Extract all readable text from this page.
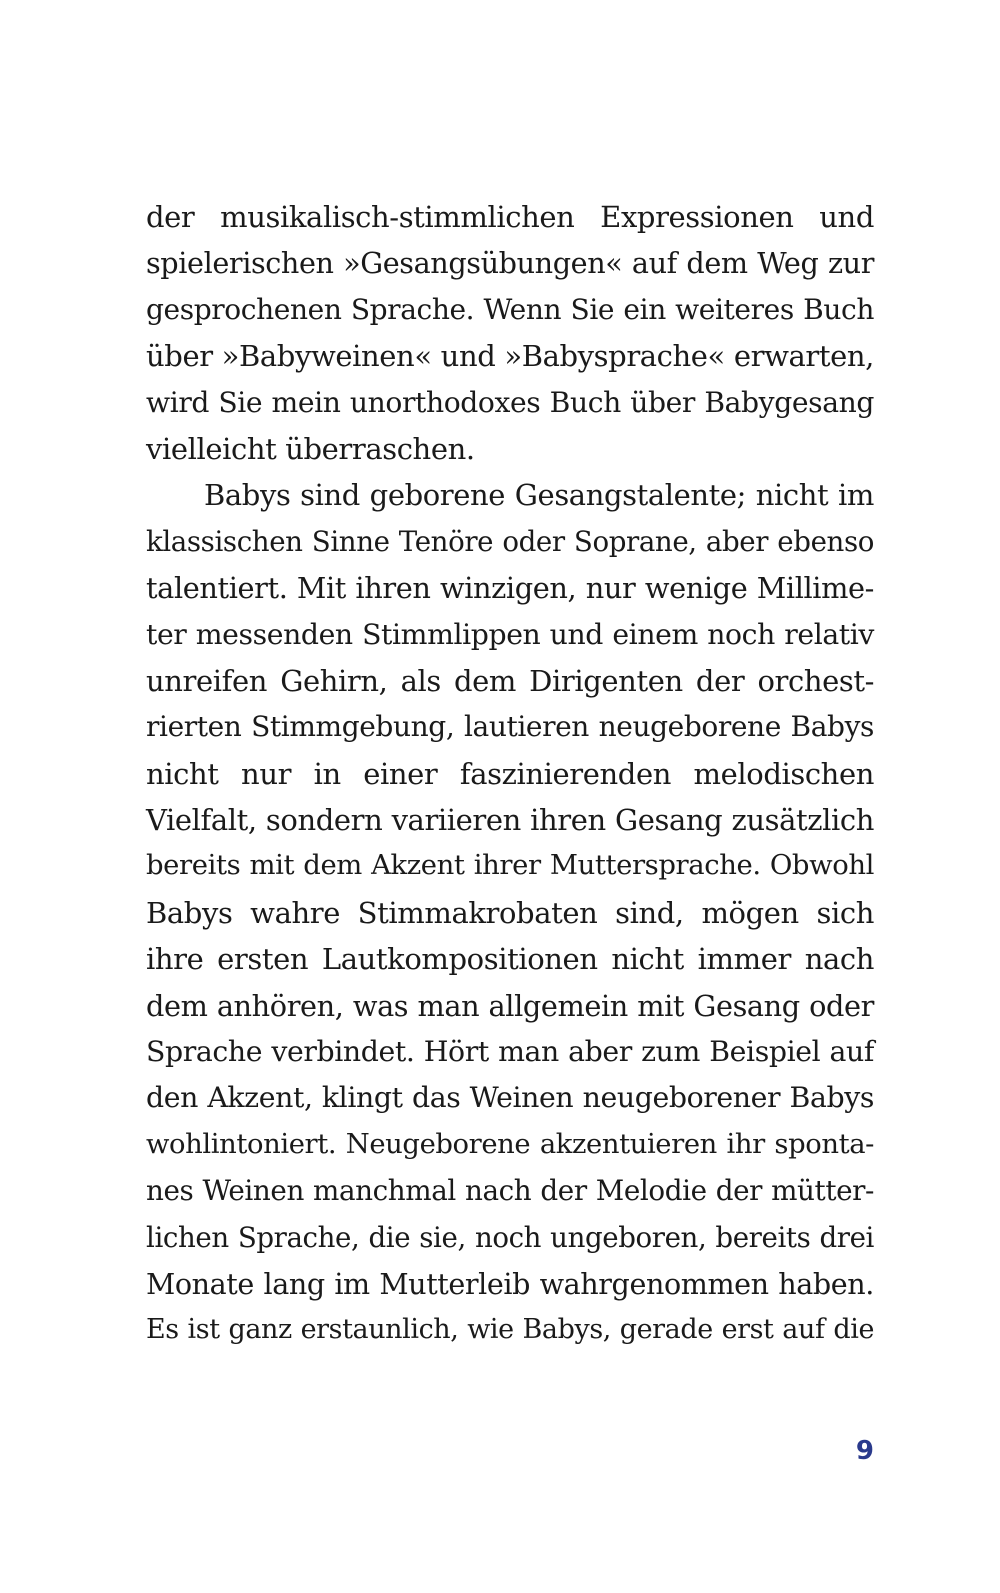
der musikalisch-stimmlichen Expressionen und
spielerischen »Gesangsübungen« auf dem Weg zur
gesprochenen Sprache. Wenn Sie ein weiteres Buch
über »Babyweinen« und »Babysprache« erwarten,
wird Sie mein unorthodoxes Buch über Babygesang
vielleicht überraschen.
Babys sind geborene Gesangstalente; nicht im
klassischen Sinne Tenöre oder Soprane, aber ebenso
talentiert. Mit ihren winzigen, nur wenige Millime-
ter messenden Stimmlippen und einem noch relativ
unreifen Gehirn, als dem Dirigenten der orchest-
rierten Stimmgebung, lautieren neugeborene Babys
nicht nur in einer faszinierenden melodischen
Vielfalt, sondern variieren ihren Gesang zusätzlich
bereits mit dem Akzent ihrer Muttersprache. Obwohl
Babys wahre Stimmakrobaten sind, mögen sich
ihre ersten Lautkompositionen nicht immer nach
dem anhören, was man allgemein mit Gesang oder
Sprache verbindet. Hört man aber zum Beispiel auf
den Akzent, klingt das Weinen neugeborener Babys
wohlintoniert. Neugeborene akzentuieren ihr sponta-
nes Weinen manchmal nach der Melodie der mütter-
lichen Sprache, die sie, noch ungeboren, bereits drei
Monate lang im Mutterleib wahrgenommen haben.
Es ist ganz erstaunlich, wie Babys, gerade erst auf die
9
